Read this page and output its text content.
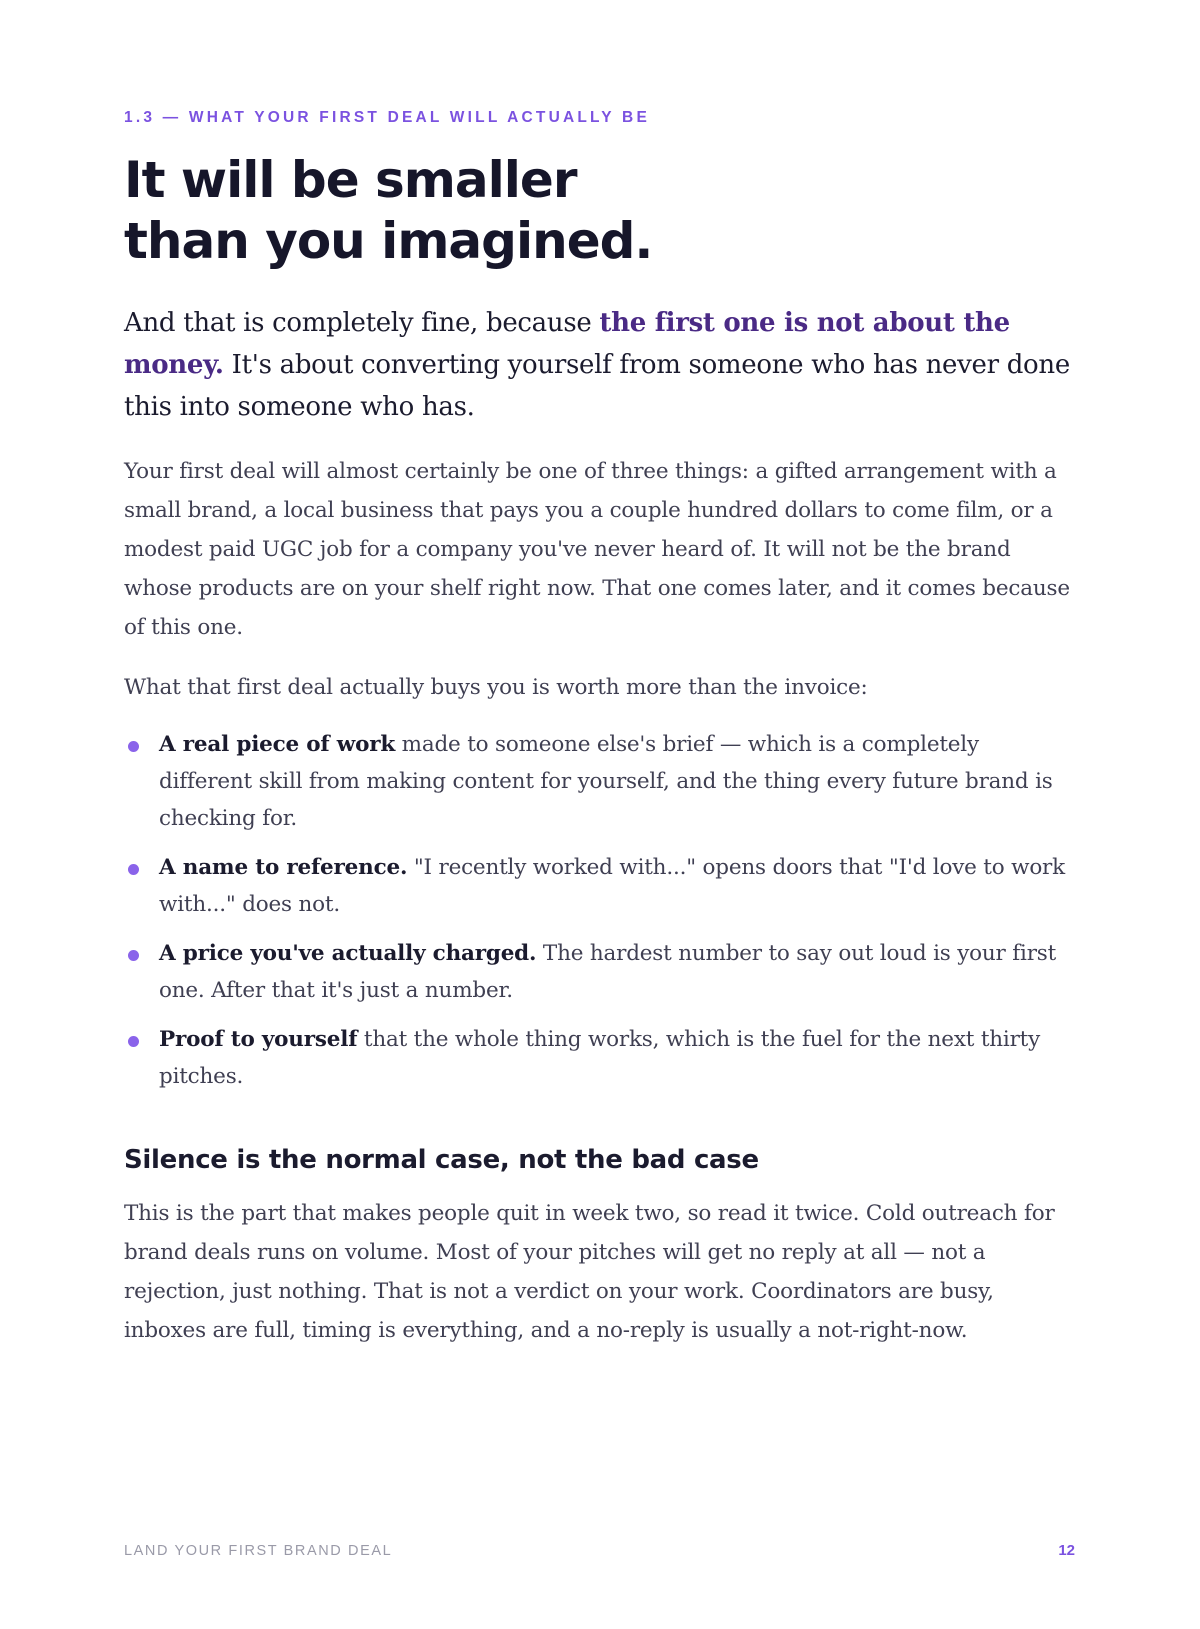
1.3 — WHAT YOUR FIRST DEAL WILL ACTUALLY BE
It will be smaller
than you imagined.

And that is completely fine, because the first one is not about the money. It's about converting yourself from someone who has never done this into someone who has.

Your first deal will almost certainly be one of three things: a gifted arrangement with a small brand, a local business that pays you a couple hundred dollars to come film, or a modest paid UGC job for a company you've never heard of. It will not be the brand whose products are on your shelf right now. That one comes later, and it comes because of this one.

What that first deal actually buys you is worth more than the invoice:

A real piece of work made to someone else's brief — which is a completely different skill from making content for yourself, and the thing every future brand is checking for.
A name to reference. "I recently worked with..." opens doors that "I'd love to work with..." does not.
A price you've actually charged. The hardest number to say out loud is your first one. After that it's just a number.
Proof to yourself that the whole thing works, which is the fuel for the next thirty pitches.
Silence is the normal case, not the bad case

This is the part that makes people quit in week two, so read it twice. Cold outreach for brand deals runs on volume. Most of your pitches will get no reply at all — not a rejection, just nothing. That is not a verdict on your work. Coordinators are busy, inboxes are full, timing is everything, and a no-reply is usually a not-right-now.

LAND YOUR FIRST BRAND DEAL	12
